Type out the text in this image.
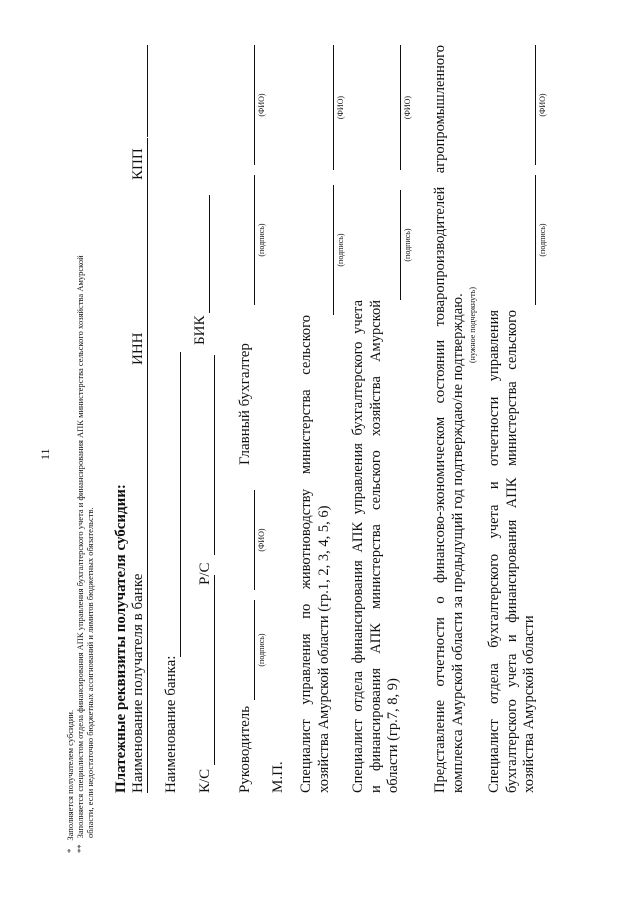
11
* Заполняется получателем субсидии.
** Заполняется специалистом отдела финансирования АПК управления бухгалтерского учета и финансирования АПК министерства сельского хозяйства Амурской области, если недостаточно бюджетных ассигнований и лимитов бюджетных обязательств. Платежные реквизиты получателя субсидии: Наименование получателя в банке
ИНН
КПП
Наименование банка:
БИК
К/С
Р/С
Руководитель
(подпись)
(ФИО)
Главный бухгалтер
(подпись)
(ФИО)
М.П. Специалист управления по животноводству министерства сельского хозяйства Амурской области (гр.1, 2, 3, 4, 5, 6)
(подпись)
(ФИО)
Специалист отдела финансирования АПК управления бухгалтерского учета и финансирования АПК министерства сельского хозяйства Амурской области (гр.7, 8, 9)
(подпись)
(ФИО) Представление отчетности о финансово-экономическом состоянии товаропроизводителей агропромышленного комплекса Амурской области за предыдущий год подтверждаю/не подтверждаю. (нужное подчеркнуть) Специалист отдела бухгалтерского учета и отчетности управления бухгалтерского учета и финансирования АПК министерства сельского хозяйства Амурской области
(подпись)
(ФИО)
